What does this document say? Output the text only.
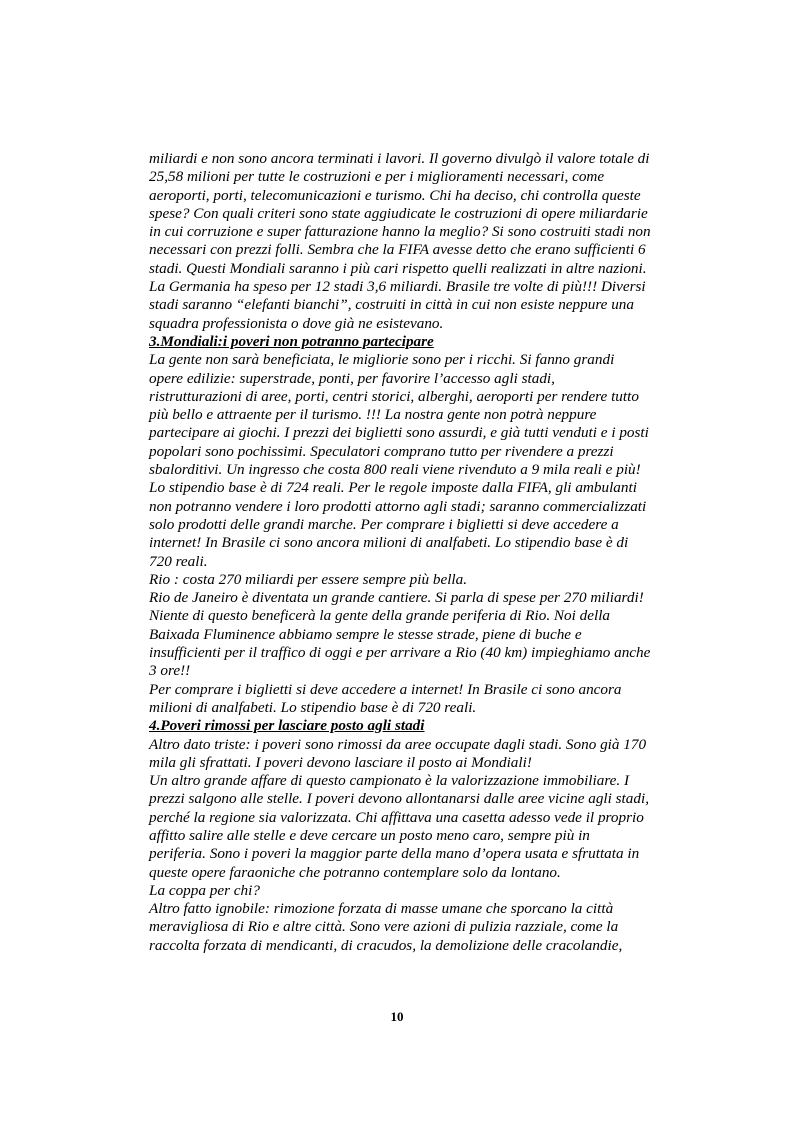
miliardi e non sono ancora terminati i lavori. Il governo divulgò il valore totale di
25,58 milioni per tutte le costruzioni e per i miglioramenti necessari, come
aeroporti, porti, telecomunicazioni e turismo. Chi ha deciso, chi controlla queste
spese? Con quali criteri sono state aggiudicate le costruzioni di opere miliardarie
in cui corruzione e super fatturazione hanno la meglio? Si sono costruiti stadi non
necessari con prezzi folli. Sembra che la FIFA avesse detto che erano sufficienti 6
stadi. Questi Mondiali saranno i più cari rispetto quelli realizzati in altre nazioni.
La Germania ha speso per 12 stadi 3,6 miliardi. Brasile tre volte di più!!! Diversi
stadi saranno “elefanti bianchi”, costruiti in città in cui non esiste neppure una
squadra professionista o dove già ne esistevano.
3.Mondiali:i poveri non potranno partecipare
La gente non sarà beneficiata, le migliorie sono per i ricchi. Si fanno grandi
opere edilizie: superstrade, ponti, per favorire l’accesso agli stadi,
ristrutturazioni di aree, porti, centri storici, alberghi, aeroporti per rendere tutto
più bello e attraente per il turismo. !!! La nostra gente non potrà neppure
partecipare ai giochi. I prezzi dei biglietti sono assurdi, e già tutti venduti e i posti
popolari sono pochissimi. Speculatori comprano tutto per rivendere a prezzi
sbalorditivi. Un ingresso che costa 800 reali viene rivenduto a 9 mila reali e più!
Lo stipendio base è di 724 reali. Per le regole imposte dalla FIFA, gli ambulanti
non potranno vendere i loro prodotti attorno agli stadi; saranno commercializzati
solo prodotti delle grandi marche. Per comprare i biglietti si deve accedere a
internet! In Brasile ci sono ancora milioni di analfabeti. Lo stipendio base è di
720 reali.
Rio : costa 270 miliardi per essere sempre più bella.
Rio de Janeiro è diventata un grande cantiere. Si parla di spese per 270 miliardi!
Niente di questo beneficerà la gente della grande periferia di Rio. Noi della
Baixada Fluminence abbiamo sempre le stesse strade, piene di buche e
insufficienti per il traffico di oggi e per arrivare a Rio (40 km) impieghiamo anche
3 ore!!
Per comprare i biglietti si deve accedere a internet! In Brasile ci sono ancora
milioni di analfabeti. Lo stipendio base è di 720 reali.
4.Poveri rimossi per lasciare posto agli stadi
Altro dato triste: i poveri sono rimossi da aree occupate dagli stadi. Sono già 170
mila gli sfrattati. I poveri devono lasciare il posto ai Mondiali!
Un altro grande affare di questo campionato è la valorizzazione immobiliare. I
prezzi salgono alle stelle. I poveri devono allontanarsi dalle aree vicine agli stadi,
perché la regione sia valorizzata. Chi affittava una casetta adesso vede il proprio
affitto salire alle stelle e deve cercare un posto meno caro, sempre più in
periferia. Sono i poveri la maggior parte della mano d’opera usata e sfruttata in
queste opere faraoniche che potranno contemplare solo da lontano.
La coppa per chi?
Altro fatto ignobile: rimozione forzata di masse umane che sporcano la città
meravigliosa di Rio e altre città. Sono vere azioni di pulizia razziale, come la
raccolta forzata di mendicanti, di cracudos, la demolizione delle cracolandie,
10
